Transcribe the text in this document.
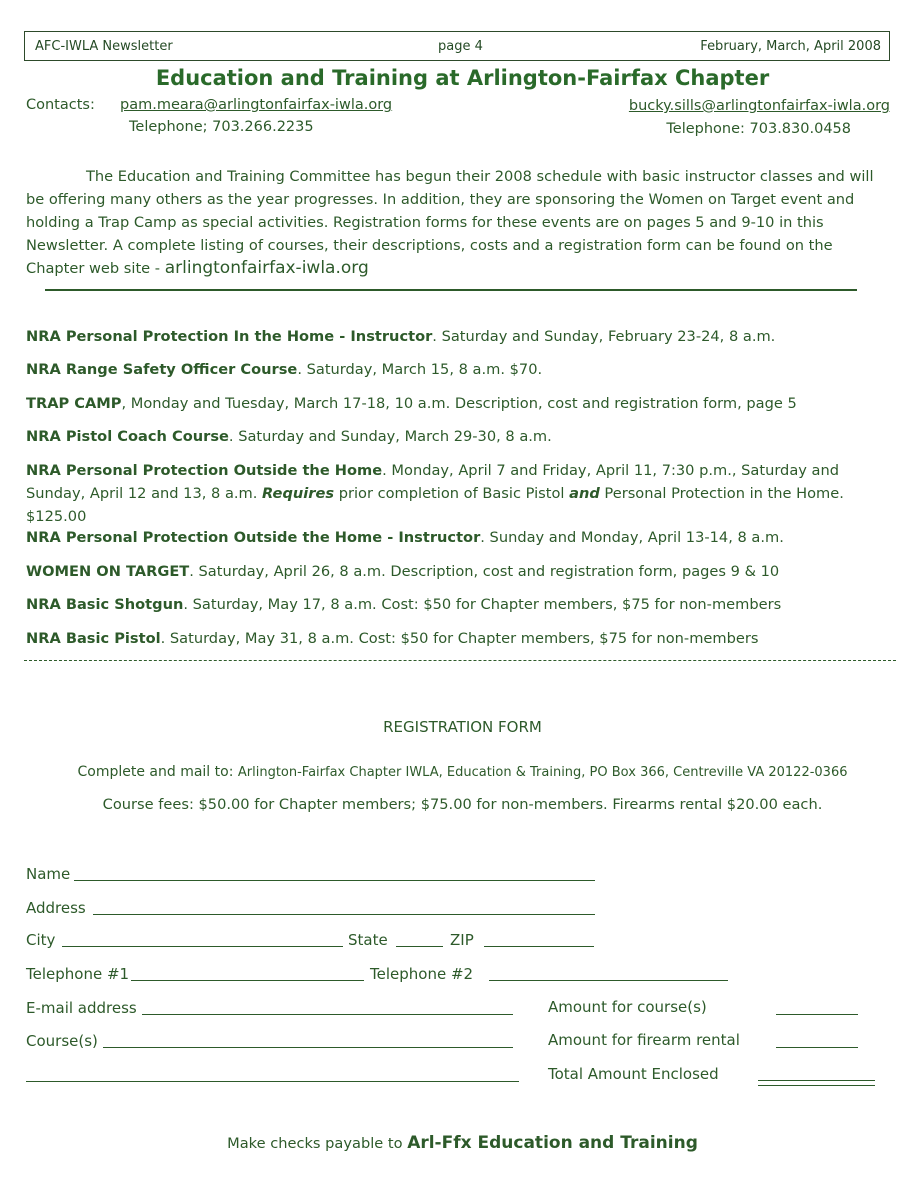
AFC-IWLA Newsletter	page 4	February, March, April 2008
Education and Training at Arlington-Fairfax Chapter
Contacts: pam.meara@arlingtonfairfax-iwla.org
Telephone; 703.266.2235
bucky.sills@arlingtonfairfax-iwla.org
Telephone: 703.830.0458
The Education and Training Committee has begun their 2008 schedule with basic instructor classes and will be offering many others as the year progresses. In addition, they are sponsoring the Women on Target event and holding a Trap Camp as special activities. Registration forms for these events are on pages 5 and 9-10 in this Newsletter. A complete listing of courses, their descriptions, costs and a registration form can be found on the Chapter web site - arlingtonfairfax-iwla.org
NRA Personal Protection In the Home - Instructor. Saturday and Sunday, February 23-24, 8 a.m.
NRA Range Safety Officer Course. Saturday, March 15, 8 a.m. $70.
TRAP CAMP, Monday and Tuesday, March 17-18, 10 a.m. Description, cost and registration form, page 5
NRA Pistol Coach Course. Saturday and Sunday, March 29-30, 8 a.m.
NRA Personal Protection Outside the Home. Monday, April 7 and Friday, April 11, 7:30 p.m., Saturday and Sunday, April 12 and 13, 8 a.m. Requires prior completion of Basic Pistol and Personal Protection in the Home. $125.00
NRA Personal Protection Outside the Home - Instructor. Sunday and Monday, April 13-14, 8 a.m.
WOMEN ON TARGET. Saturday, April 26, 8 a.m. Description, cost and registration form, pages 9 & 10
NRA Basic Shotgun. Saturday, May 17, 8 a.m. Cost: $50 for Chapter members, $75 for non-members
NRA Basic Pistol. Saturday, May 31, 8 a.m. Cost: $50 for Chapter members, $75 for non-members
REGISTRATION FORM
Complete and mail to: Arlington-Fairfax Chapter IWLA, Education & Training, PO Box 366, Centreville VA 20122-0366
Course fees: $50.00 for Chapter members; $75.00 for non-members. Firearms rental $20.00 each.
Name
Address
City	State	ZIP
Telephone #1	Telephone #2
E-mail address
Course(s)
Amount for course(s)
Amount for firearm rental
Total Amount Enclosed
Make checks payable to Arl-Ffx Education and Training
